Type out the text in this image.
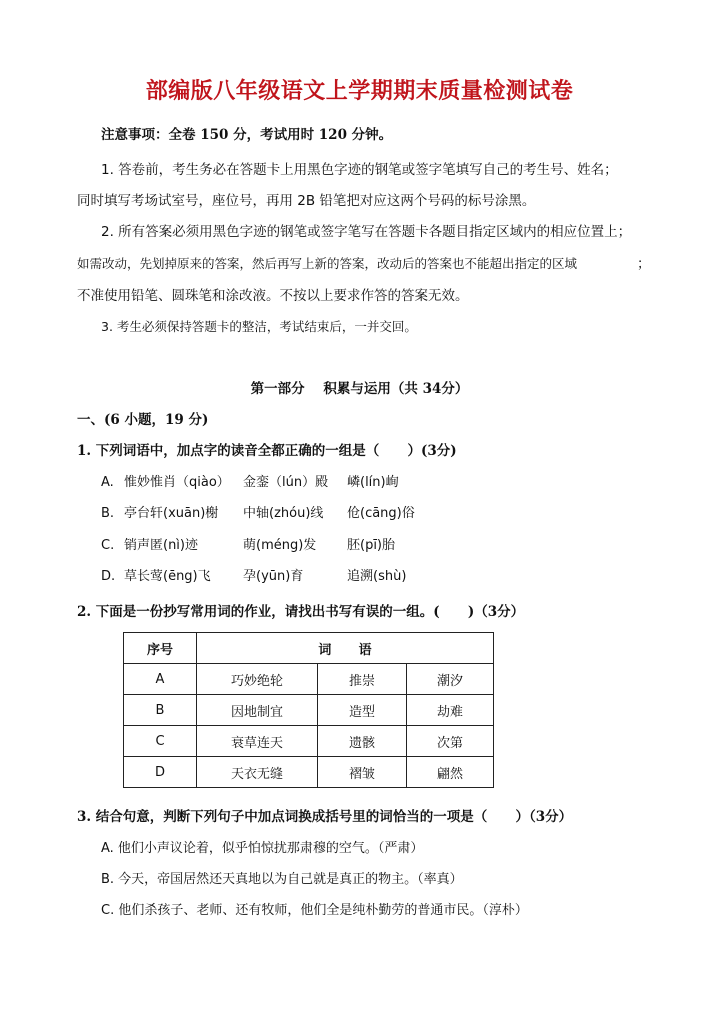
部编版八年级语文上学期期末质量检测试卷
注意事项：全卷 150 分，考试用时 120 分钟。
1. 答卷前，考生务必在答题卡上用黑色字迹的钢笔或签字笔填写自己的考生号、姓名；
同时填写考场试室号，座位号，再用 2B 铅笔把对应这两个号码的标号涂黑。
2. 所有答案必须用黑色字迹的钢笔或签字笔写在答题卡各题目指定区域内的相应位置上；
如需改动，先划掉原来的答案，然后再写上新的答案，改动后的答案也不能超出指定的区域	；
不准使用铅笔、圆珠笔和涂改液。不按以上要求作答的答案无效。
3. 考生必须保持答题卡的整洁，考试结束后，一并交回。
第一部分    积累与运用（共 34分）
一、(6 小题，19 分)
1. 下列词语中，加点字的读音全都正确的一组是（      ）(3分)
A. 惟妙惟肖（qiào） 金銮（lún）殿 嶙(lín)峋
B. 亭台轩(xuān)榭 中轴(zhóu)线 伧(cāng)俗
C. 销声匿(nì)迹	萌(méng)发 胚(pī)胎
D. 草长莺(ēng)飞 孕(yūn)育	追溯(shù)
2. 下面是一份抄写常用词的作业，请找出书写有误的一组。(      )（3分）
序号	词      语		
A	巧妙绝轮	推崇	潮汐
B	因地制宜	造型	劫难
C	衰草连天	遗骸	次第
D	天衣无缝	褶皱	翩然
3. 结合句意，判断下列句子中加点词换成括号里的词恰当的一项是（      ）（3分）
A. 他们小声议论着，似乎怕惊扰那肃穆的空气。（严肃）
B. 今天，帝国居然还天真地以为自己就是真正的物主。（率真）
C. 他们杀孩子、老师、还有牧师，他们全是纯朴勤劳的普通市民。（淳朴）
